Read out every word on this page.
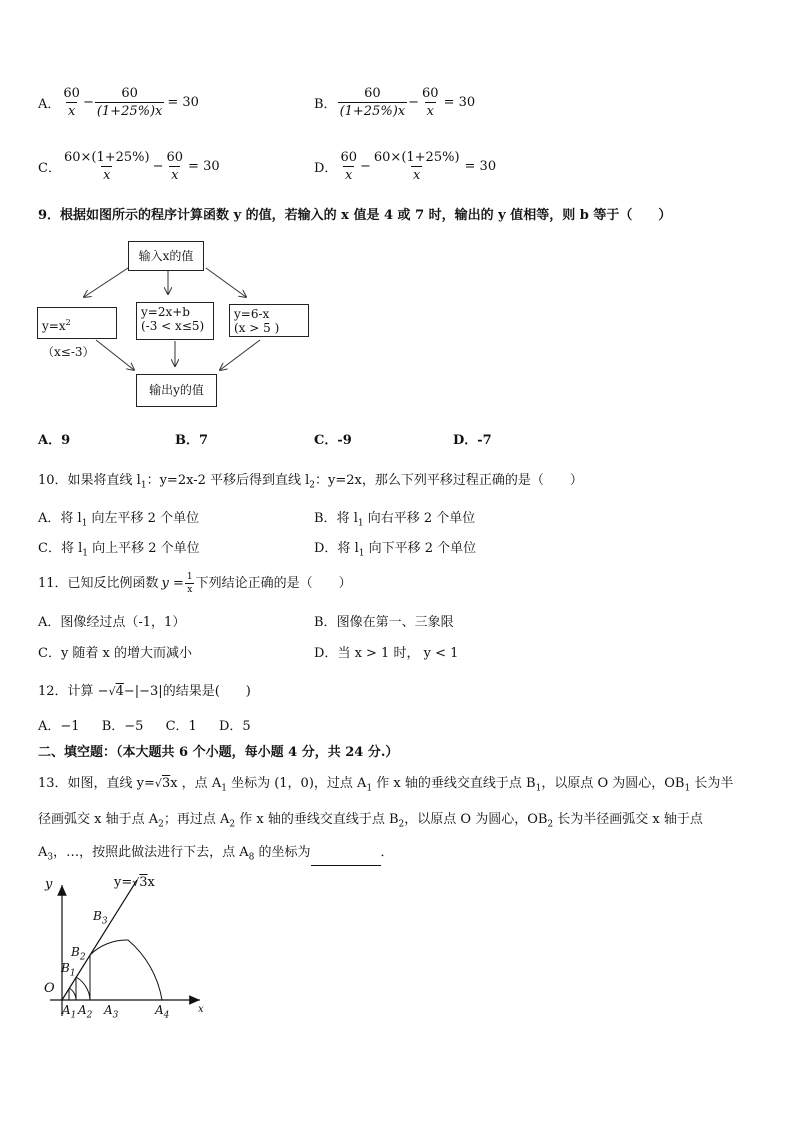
A． $\frac{60}{x} - \frac{60}{(1+25\%)x} = 30$	B． $\frac{60}{(1+25\%)x} - \frac{60}{x} = 30$
C． $\frac{60\times(1+25\%)}{x} - \frac{60}{x} = 30$	D． $\frac{60}{x} - \frac{60\times(1+25\%)}{x} = 30$
9．根据如图所示的程序计算函数 y 的值，若输入的 x 值是 4 或 7 时，输出的 y 值相等，则 b 等于（　　）
输入x的值
$y=x^2(x\le-3)$
y=2x+b
(-3 < x≤5)
y=6-x
(x > 5 )
输出y的值
A．9	B．7	C．-9	D．-7
10．如果将直线 $l_1$：y=2x-2 平移后得到直线 $l_2$：y=2x，那么下列平移过程正确的是（　　）
A．将 $l_1$ 向左平移 2 个单位	B．将 $l_1$ 向右平移 2 个单位
C．将 $l_1$ 向上平移 2 个单位	D．将 $l_1$ 向下平移 2 个单位
11．已知反比例函数 $y = \frac{1}{x}$ 下列结论正确的是（　　）
A．图像经过点（-1，1）	B．图像在第一、三象限
C．y 随着 x 的增大而减小	D．当 x > 1 时， y < 1
12．计算 −√4−|−3|的结果是(　　)
A．−1 B．−5 C．1 D．5
二、填空题：（本大题共 6 个小题，每小题 4 分，共 24 分.）
13．如图，直线 y=√3x ，点 $A_1$ 坐标为 (1，0)，过点 $A_1$ 作 x 轴的垂线交直线于点 $B_1$，以原点 O 为圆心，$OB_1$ 长为半
径画弧交 x 轴于点 $A_2$；再过点 $A_2$ 作 x 轴的垂线交直线于点 $B_2$，以原点 O 为圆心，$OB_2$ 长为半径画弧交 x 轴于点
$A_3$，…，按照此做法进行下去，点 $A_8$ 的坐标为	．
y
x
y=√3x
O
$B_3$
$B_2$
$B_1$
$A_1$ $A_2$ $A_3$	$A_4$
